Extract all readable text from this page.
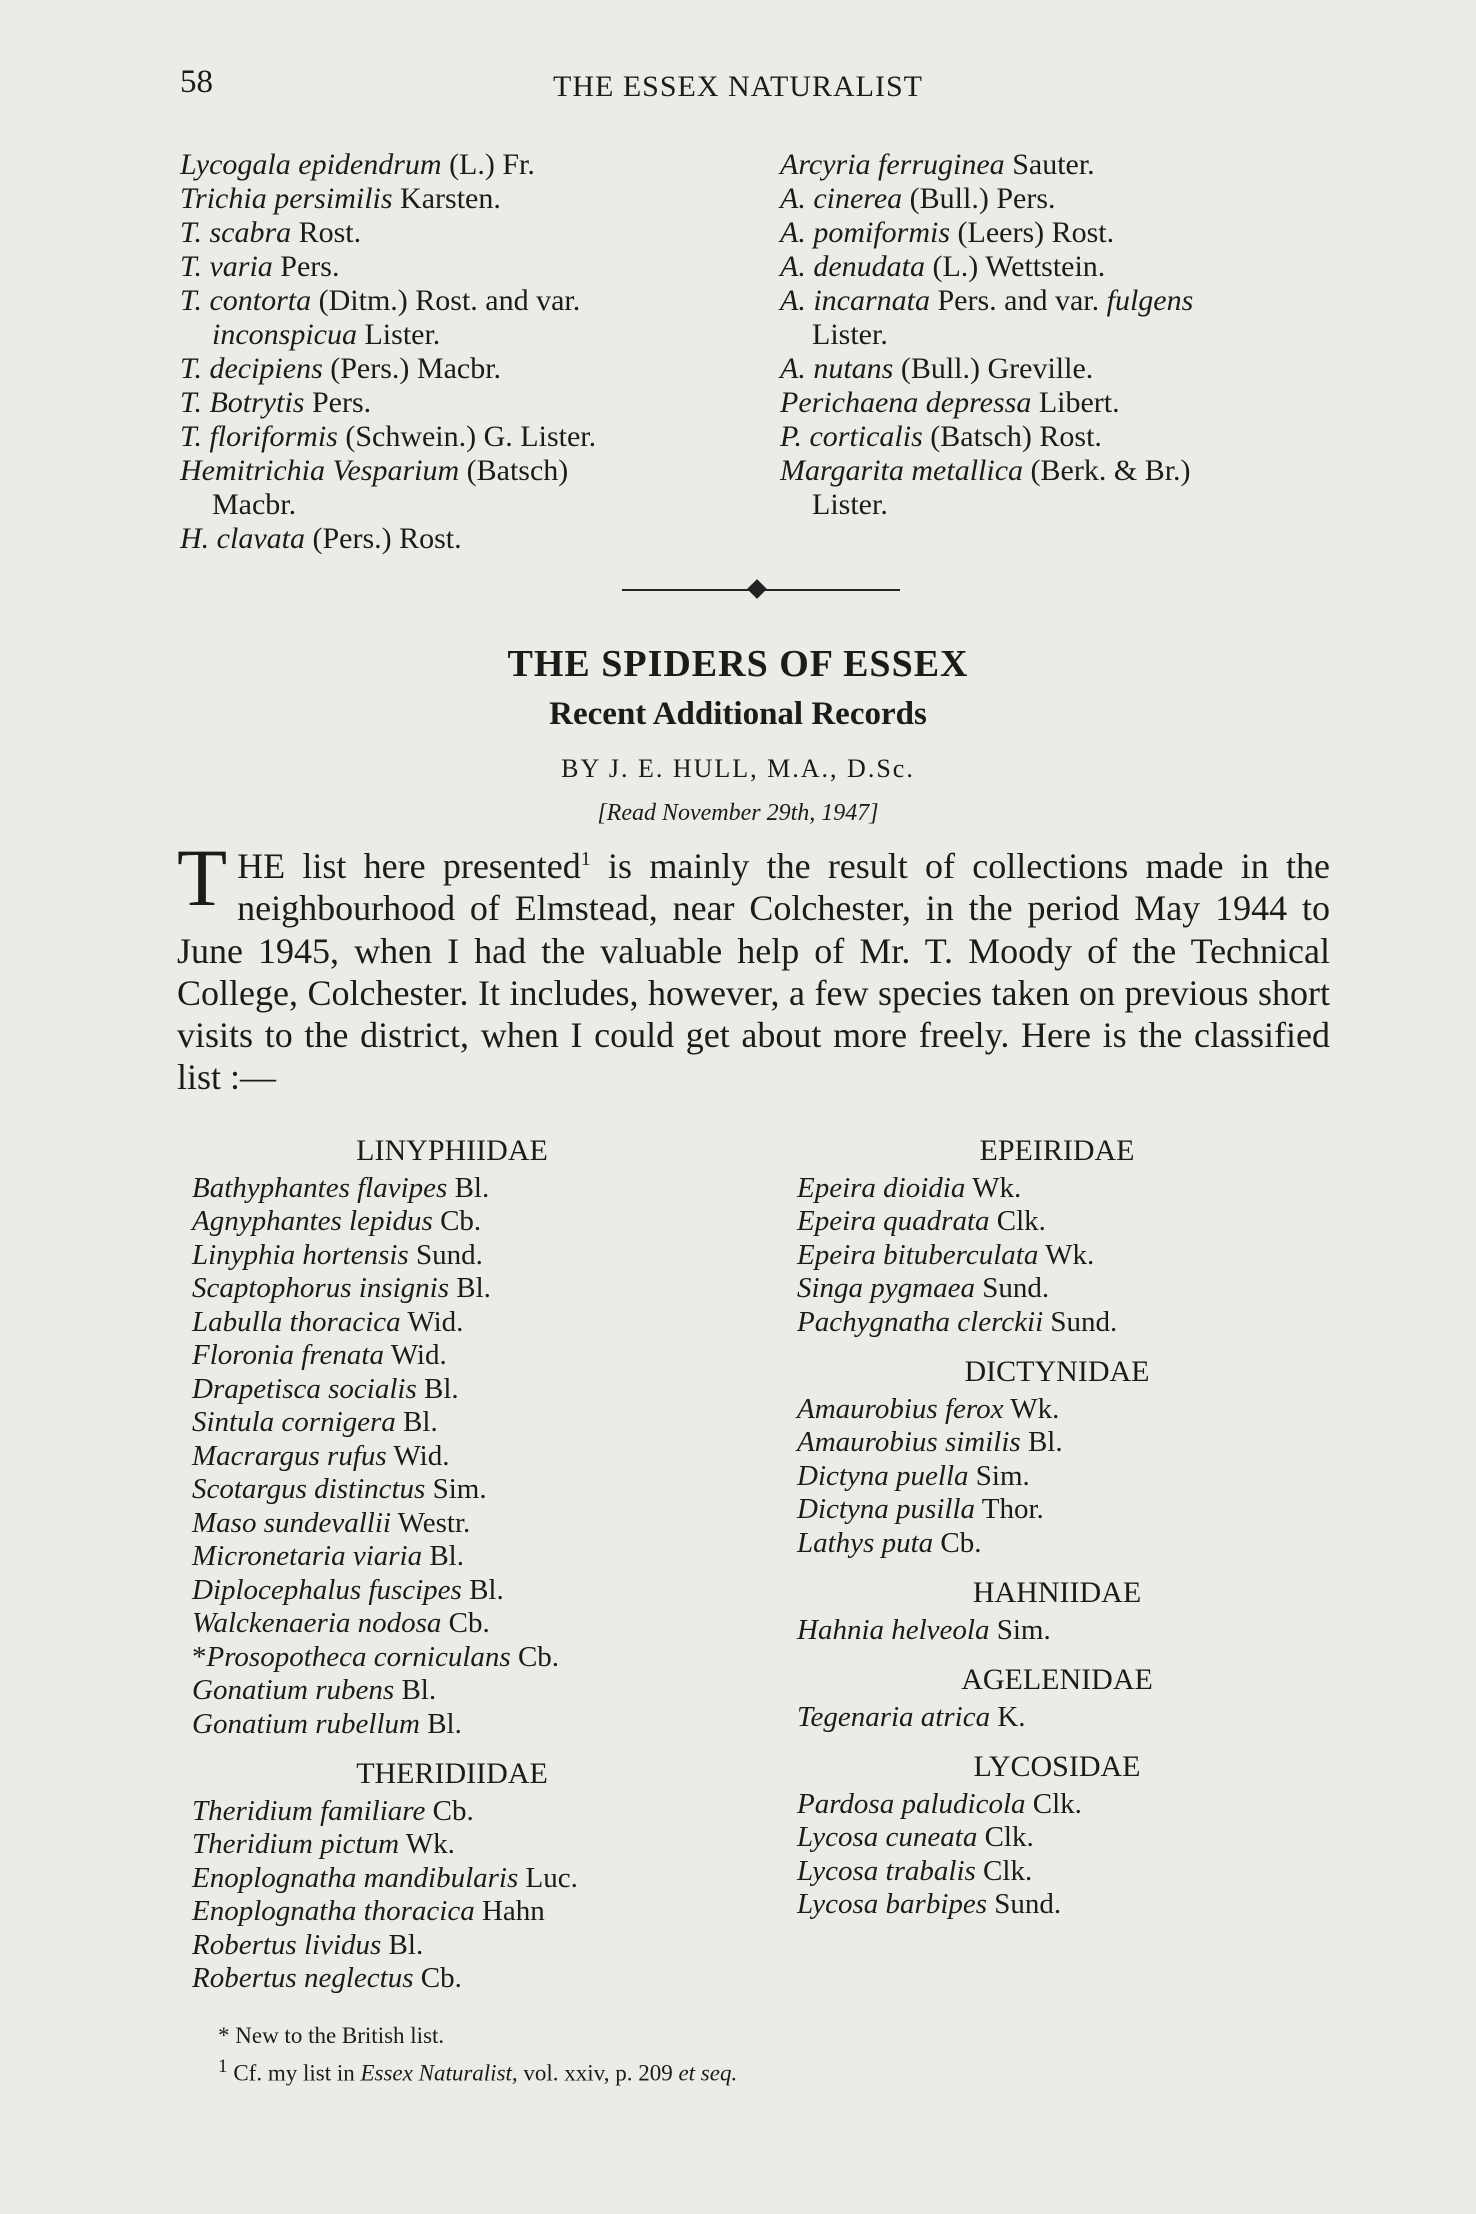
58	THE ESSEX NATURALIST
Lycogala epidendrum (L.) Fr.
Trichia persimilis Karsten.
T. scabra Rost.
T. varia Pers.
T. contorta (Ditm.) Rost. and var.
inconspicua Lister.
T. decipiens (Pers.) Macbr.
T. Botrytis Pers.
T. floriformis (Schwein.) G. Lister.
Hemitrichia Vesparium (Batsch)
Macbr.
H. clavata (Pers.) Rost.
Arcyria ferruginea Sauter.
A. cinerea (Bull.) Pers.
A. pomiformis (Leers) Rost.
A. denudata (L.) Wettstein.
A. incarnata Pers. and var. fulgens
Lister.
A. nutans (Bull.) Greville.
Perichaena depressa Libert.
P. corticalis (Batsch) Rost.
Margarita metallica (Berk. & Br.)
Lister.
THE SPIDERS OF ESSEX
Recent Additional Records
BY J. E. HULL, M.A., D.Sc.
[Read November 29th, 1947]

THE list here presented$^1$ is mainly the result of collections made in the neighbourhood of Elmstead, near Colchester, in the period May 1944 to June 1945, when I had the valuable help of Mr. T. Moody of the Technical College, Colchester. It includes, however, a few species taken on previous short visits to the district, when I could get about more freely. Here is the classified list :—

LINYPHIIDAE
Bathyphantes flavipes Bl.
Agnyphantes lepidus Cb.
Linyphia hortensis Sund.
Scaptophorus insignis Bl.
Labulla thoracica Wid.
Floronia frenata Wid.
Drapetisca socialis Bl.
Sintula cornigera Bl.
Macrargus rufus Wid.
Scotargus distinctus Sim.
Maso sundevallii Westr.
Micronetaria viaria Bl.
Diplocephalus fuscipes Bl.
Walckenaeria nodosa Cb.
*Prosopotheca corniculans Cb.
Gonatium rubens Bl.
Gonatium rubellum Bl.
THERIDIIDAE
Theridium familiare Cb.
Theridium pictum Wk.
Enoplognatha mandibularis Luc.
Enoplognatha thoracica Hahn
Robertus lividus Bl.
Robertus neglectus Cb.
EPEIRIDAE
Epeira dioidia Wk.
Epeira quadrata Clk.
Epeira bituberculata Wk.
Singa pygmaea Sund.
Pachygnatha clerckii Sund.
DICTYNIDAE
Amaurobius ferox Wk.
Amaurobius similis Bl.
Dictyna puella Sim.
Dictyna pusilla Thor.
Lathys puta Cb.
HAHNIIDAE
Hahnia helveola Sim.
AGELENIDAE
Tegenaria atrica K.
LYCOSIDAE
Pardosa paludicola Clk.
Lycosa cuneata Clk.
Lycosa trabalis Clk.
Lycosa barbipes Sund.
* New to the British list.
$^1$ Cf. my list in Essex Naturalist, vol. xxiv, p. 209 et seq.
